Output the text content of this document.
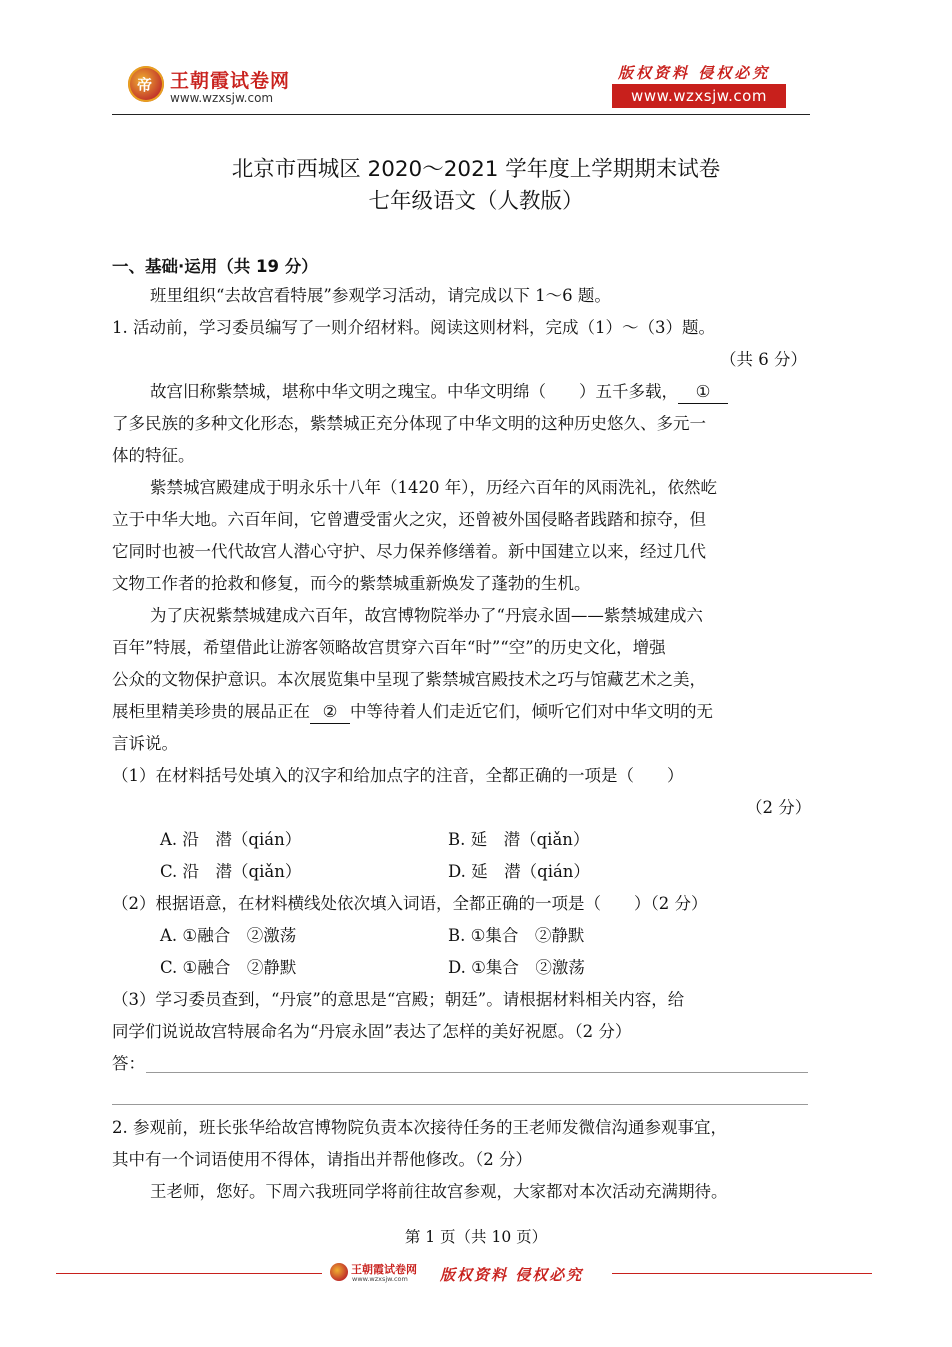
帝
王朝霞试卷网
www.wzxsjw.com
版权资料 侵权必究
www.wzxsjw.com
北京市西城区 2020～2021 学年度上学期期末试卷
七年级语文（人教版）
一、基础·运用（共 19 分）
班里组织“去故宫看特展”参观学习活动，请完成以下 1～6 题。
1. 活动前，学习委员编写了一则介绍材料。阅读这则材料，完成（1）～（3）题。
（共 6 分）
故宫旧称紫禁城，堪称中华文明之瑰宝。中华文明绵（　　）五千多载， ①
了多民族的多种文化形态，紫禁城正充分体现了中华文明的这种历史悠久、多元一
体的特征。
紫禁城宫殿建成于明永乐十八年（1420 年），历经六百年的风雨洗礼，依然屹
立于中华大地。六百年间，它曾遭受雷火之灾，还曾被外国侵略者践踏和掠夺，但
它同时也被一代代故宫人潜心守护、尽力保养修缮着。新中国建立以来，经过几代
文物工作者的抢救和修复，而今的紫禁城重新焕发了蓬勃的生机。
为了庆祝紫禁城建成六百年，故宫博物院举办了“丹宸永固——紫禁城建成六
百年”特展，希望借此让游客领略故宫贯穿六百年“时”“空”的历史文化，增强
公众的文物保护意识。本次展览集中呈现了紫禁城宫殿技术之巧与馆藏艺术之美，
展柜里精美珍贵的展品正在 ② 中等待着人们走近它们，倾听它们对中华文明的无
言诉说。
（1）在材料括号处填入的汉字和给加点字的注音，全都正确的一项是（　　）
（2 分）
A. 沿　潜（qián）	B. 延　潜（qiǎn）
C. 沿　潜（qiǎn）	D. 延　潜（qián）
（2）根据语意，在材料横线处依次填入词语，全都正确的一项是（　　）（2 分）
A. ①融合　②激荡	B. ①集合　②静默
C. ①融合　②静默	D. ①集合　②激荡
（3）学习委员查到，“丹宸”的意思是“宫殿；朝廷”。请根据材料相关内容，给
同学们说说故宫特展命名为“丹宸永固”表达了怎样的美好祝愿。（2 分）
答：
2. 参观前，班长张华给故宫博物院负责本次接待任务的王老师发微信沟通参观事宜，
其中有一个词语使用不得体，请指出并帮他修改。（2 分）
王老师，您好。下周六我班同学将前往故宫参观，大家都对本次活动充满期待。
第 1 页（共 10 页）
王朝霞试卷网
www.wzxsjw.com 版权资料 侵权必究
